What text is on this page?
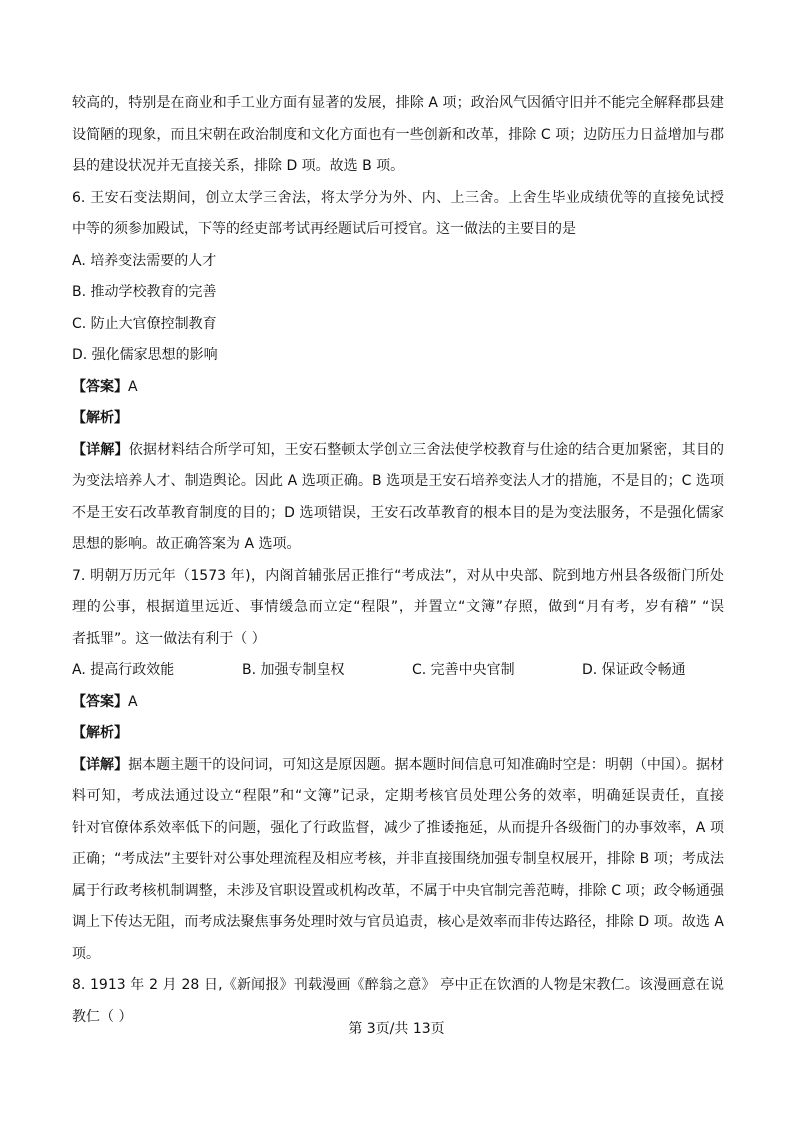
较高的，特别是在商业和手工业方面有显著的发展，排除 A 项；政治风气因循守旧并不能完全解释郡县建
设简陋的现象，而且宋朝在政治制度和文化方面也有一些创新和改革，排除 C 项；边防压力日益增加与郡
县的建设状况并无直接关系，排除 D 项。故选 B 项。
6. 王安石变法期间，创立太学三舍法，将太学分为外、内、上三舍。上舍生毕业成绩优等的直接免试授
中等的须参加殿试，下等的经吏部考试再经题试后可授官。这一做法的主要目的是
A. 培养变法需要的人才
B. 推动学校教育的完善
C. 防止大官僚控制教育
D. 强化儒家思想的影响
【答案】A
【解析】
【详解】依据材料结合所学可知，王安石整顿太学创立三舍法使学校教育与仕途的结合更加紧密，其目的
为变法培养人才、制造舆论。因此 A 选项正确。B 选项是王安石培养变法人才的措施，不是目的；C 选项
不是王安石改革教育制度的目的；D 选项错误，王安石改革教育的根本目的是为变法服务，不是强化儒家
思想的影响。故正确答案为 A 选项。
7. 明朝万历元年（1573 年)，内阁首辅张居正推行“考成法”，对从中央部、院到地方州县各级衙门所处
理的公事，根据道里远近、事情缓急而立定“程限”，并置立“文簿”存照，做到“月有考，岁有稽” “误
者抵罪”。这一做法有利于（ ）
A. 提高行政效能	B. 加强专制皇权	C. 完善中央官制	D. 保证政令畅通
【答案】A
【解析】
【详解】据本题主题干的设问词，可知这是原因题。据本题时间信息可知准确时空是：明朝（中国）。据材
料可知，考成法通过设立“程限”和“文簿”记录，定期考核官员处理公务的效率，明确延误责任，直接
针对官僚体系效率低下的问题，强化了行政监督，减少了推诿拖延，从而提升各级衙门的办事效率，A 项
正确；“考成法”主要针对公事处理流程及相应考核，并非直接围绕加强专制皇权展开，排除 B 项；考成法
属于行政考核机制调整，未涉及官职设置或机构改革，不属于中央官制完善范畴，排除 C 项；政令畅通强
调上下传达无阻，而考成法聚焦事务处理时效与官员追责，核心是效率而非传达路径，排除 D 项。故选 A
项。
8. 1913 年 2 月 28 日,《新闻报》刊载漫画《醉翁之意》 亭中正在饮酒的人物是宋教仁。该漫画意在说
教仁（ ）
第 3页/共 13页
